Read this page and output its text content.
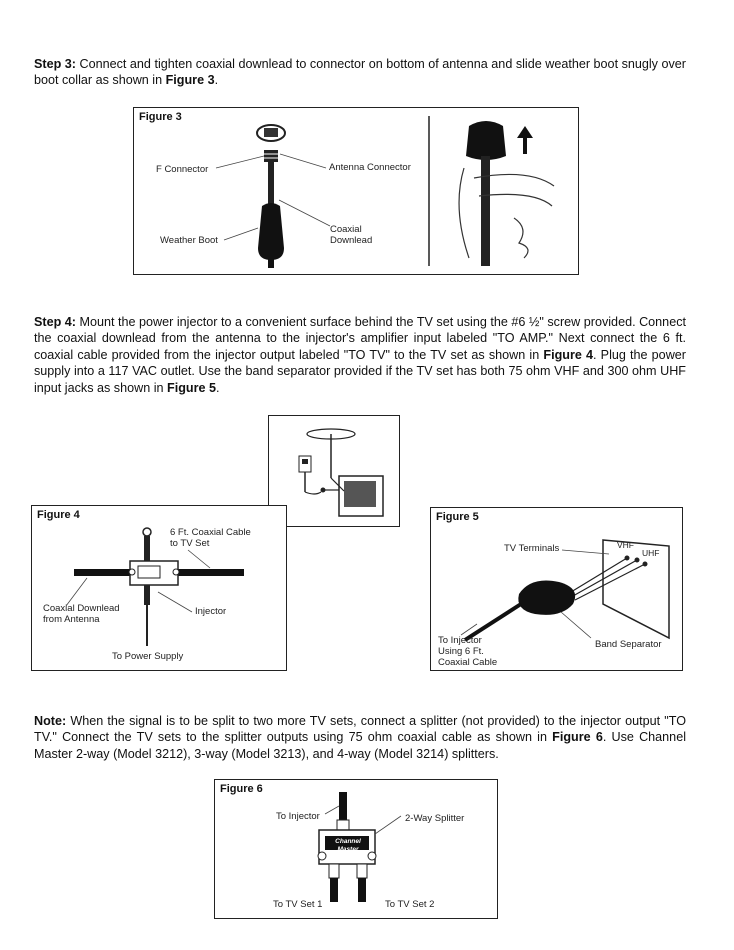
Step 3: Connect and tighten coaxial downlead to connector on bottom of antenna and slide weather boot snugly over boot collar as shown in Figure 3.

Figure 3
F Connector	Antenna Connector
Coaxial
Downlead
Weather Boot

Step 4: Mount the power injector to a convenient surface behind the TV set using the #6 ½" screw provided. Connect the coaxial downlead from the antenna to the injector's amplifier input labeled "TO AMP." Next connect the 6 ft. coaxial cable provided from the injector output labeled "TO TV" to the TV set as shown in Figure 4. Plug the power supply into a 117 VAC outlet. Use the band separator provided if the TV set has both 75 ohm VHF and 300 ohm UHF input jacks as shown in Figure 5.

Figure 4
6 Ft. Coaxial Cable
to TV Set
Coaxial Downlead
from Antenna
Injector
To Power Supply
Figure 5
TV Terminals	VHF
UHF
To Injector
Using 6 Ft.
Coaxial Cable
Band Separator

Note: When the signal is to be split to two more TV sets, connect a splitter (not provided) to the injector output "TO TV." Connect the TV sets to the splitter outputs using 75 ohm coaxial cable as shown in Figure 6. Use Channel Master 2-way (Model 3212), 3-way (Model 3213), and 4-way (Model 3214) splitters.

Figure 6
Channel Master
To Injector	2-Way Splitter
To TV Set 1	To TV Set 2
